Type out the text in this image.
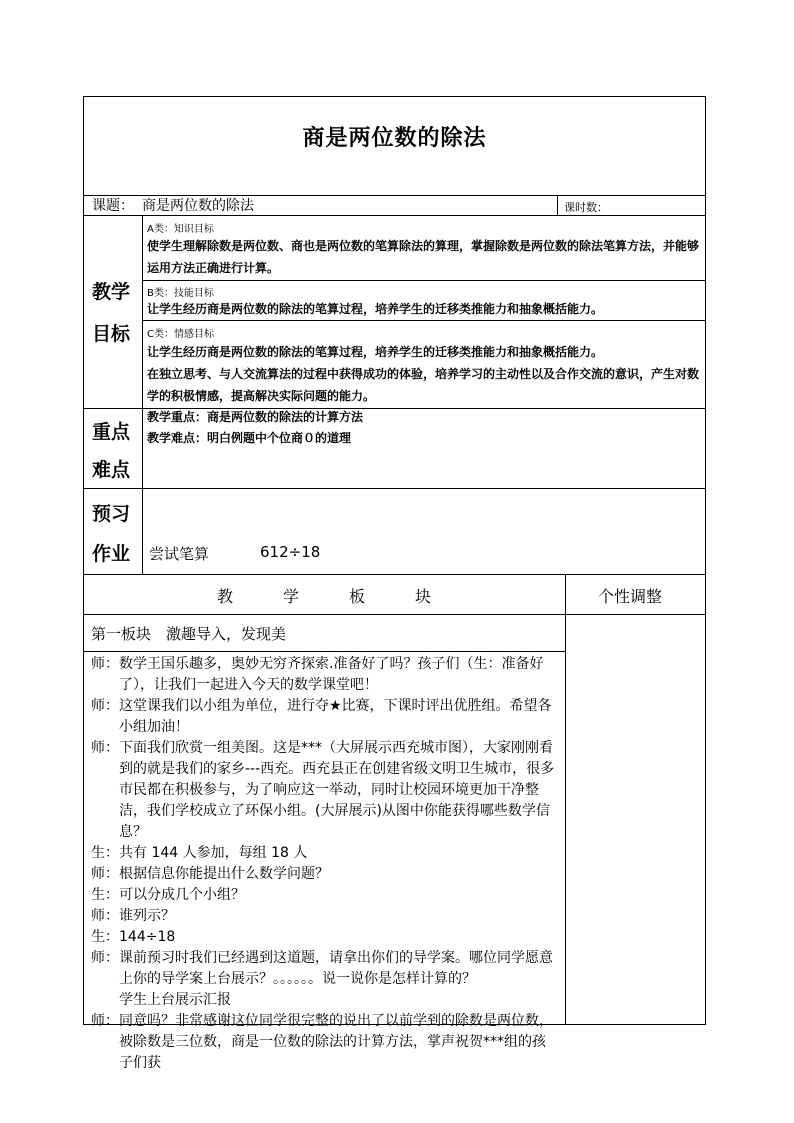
商是两位数的除法
课题： 商是两位数的除法	课时数：
教学
目标
A类：知识目标
使学生理解除数是两位数、商也是两位数的笔算除法的算理，掌握除数是两位数的除法笔算方法，并能够运用方法正确进行计算。
B类：技能目标
让学生经历商是两位数的除法的笔算过程，培养学生的迁移类推能力和抽象概括能力。
C类：情感目标
让学生经历商是两位数的除法的笔算过程，培养学生的迁移类推能力和抽象概括能力。
在独立思考、与人交流算法的过程中获得成功的体验，培养学习的主动性以及合作交流的意识，产生对数学的积极情感，提高解决实际问题的能力。
重点
难点
教学重点：商是两位数的除法的计算方法
教学难点：明白例题中个位商０的道理
预习
作业 尝试笔算	612÷18
教	学	板	块	个性调整
第一板块　激趣导入，发现美
师：数学王国乐趣多，奥妙无穷齐探索.准备好了吗？孩子们（生：准备好了），让我们一起进入今天的数学课堂吧！
师：这堂课我们以小组为单位，进行夺★比赛，下课时评出优胜组。希望各小组加油！
师：下面我们欣赏一组美图。这是***（大屏展示西充城市图），大家刚刚看到的就是我们的家乡---西充。西充县正在创建省级文明卫生城市，很多市民都在积极参与，为了响应这一举动，同时让校园环境更加干净整洁，我们学校成立了环保小组。(大屏展示)从图中你能获得哪些数学信息？
生：共有 144 人参加，每组 18 人
师：根据信息你能提出什么数学问题？
生：可以分成几个小组？
师：谁列示？
生：144÷18
师：课前预习时我们已经遇到这道题，请拿出你们的导学案。哪位同学愿意上你的导学案上台展示？。。。。。。说一说你是怎样计算的？
学生上台展示汇报
师：同意吗？非常感谢这位同学很完整的说出了以前学到的除数是两位数，被除数是三位数，商是一位数的除法的计算方法，掌声祝贺***组的孩子们获
